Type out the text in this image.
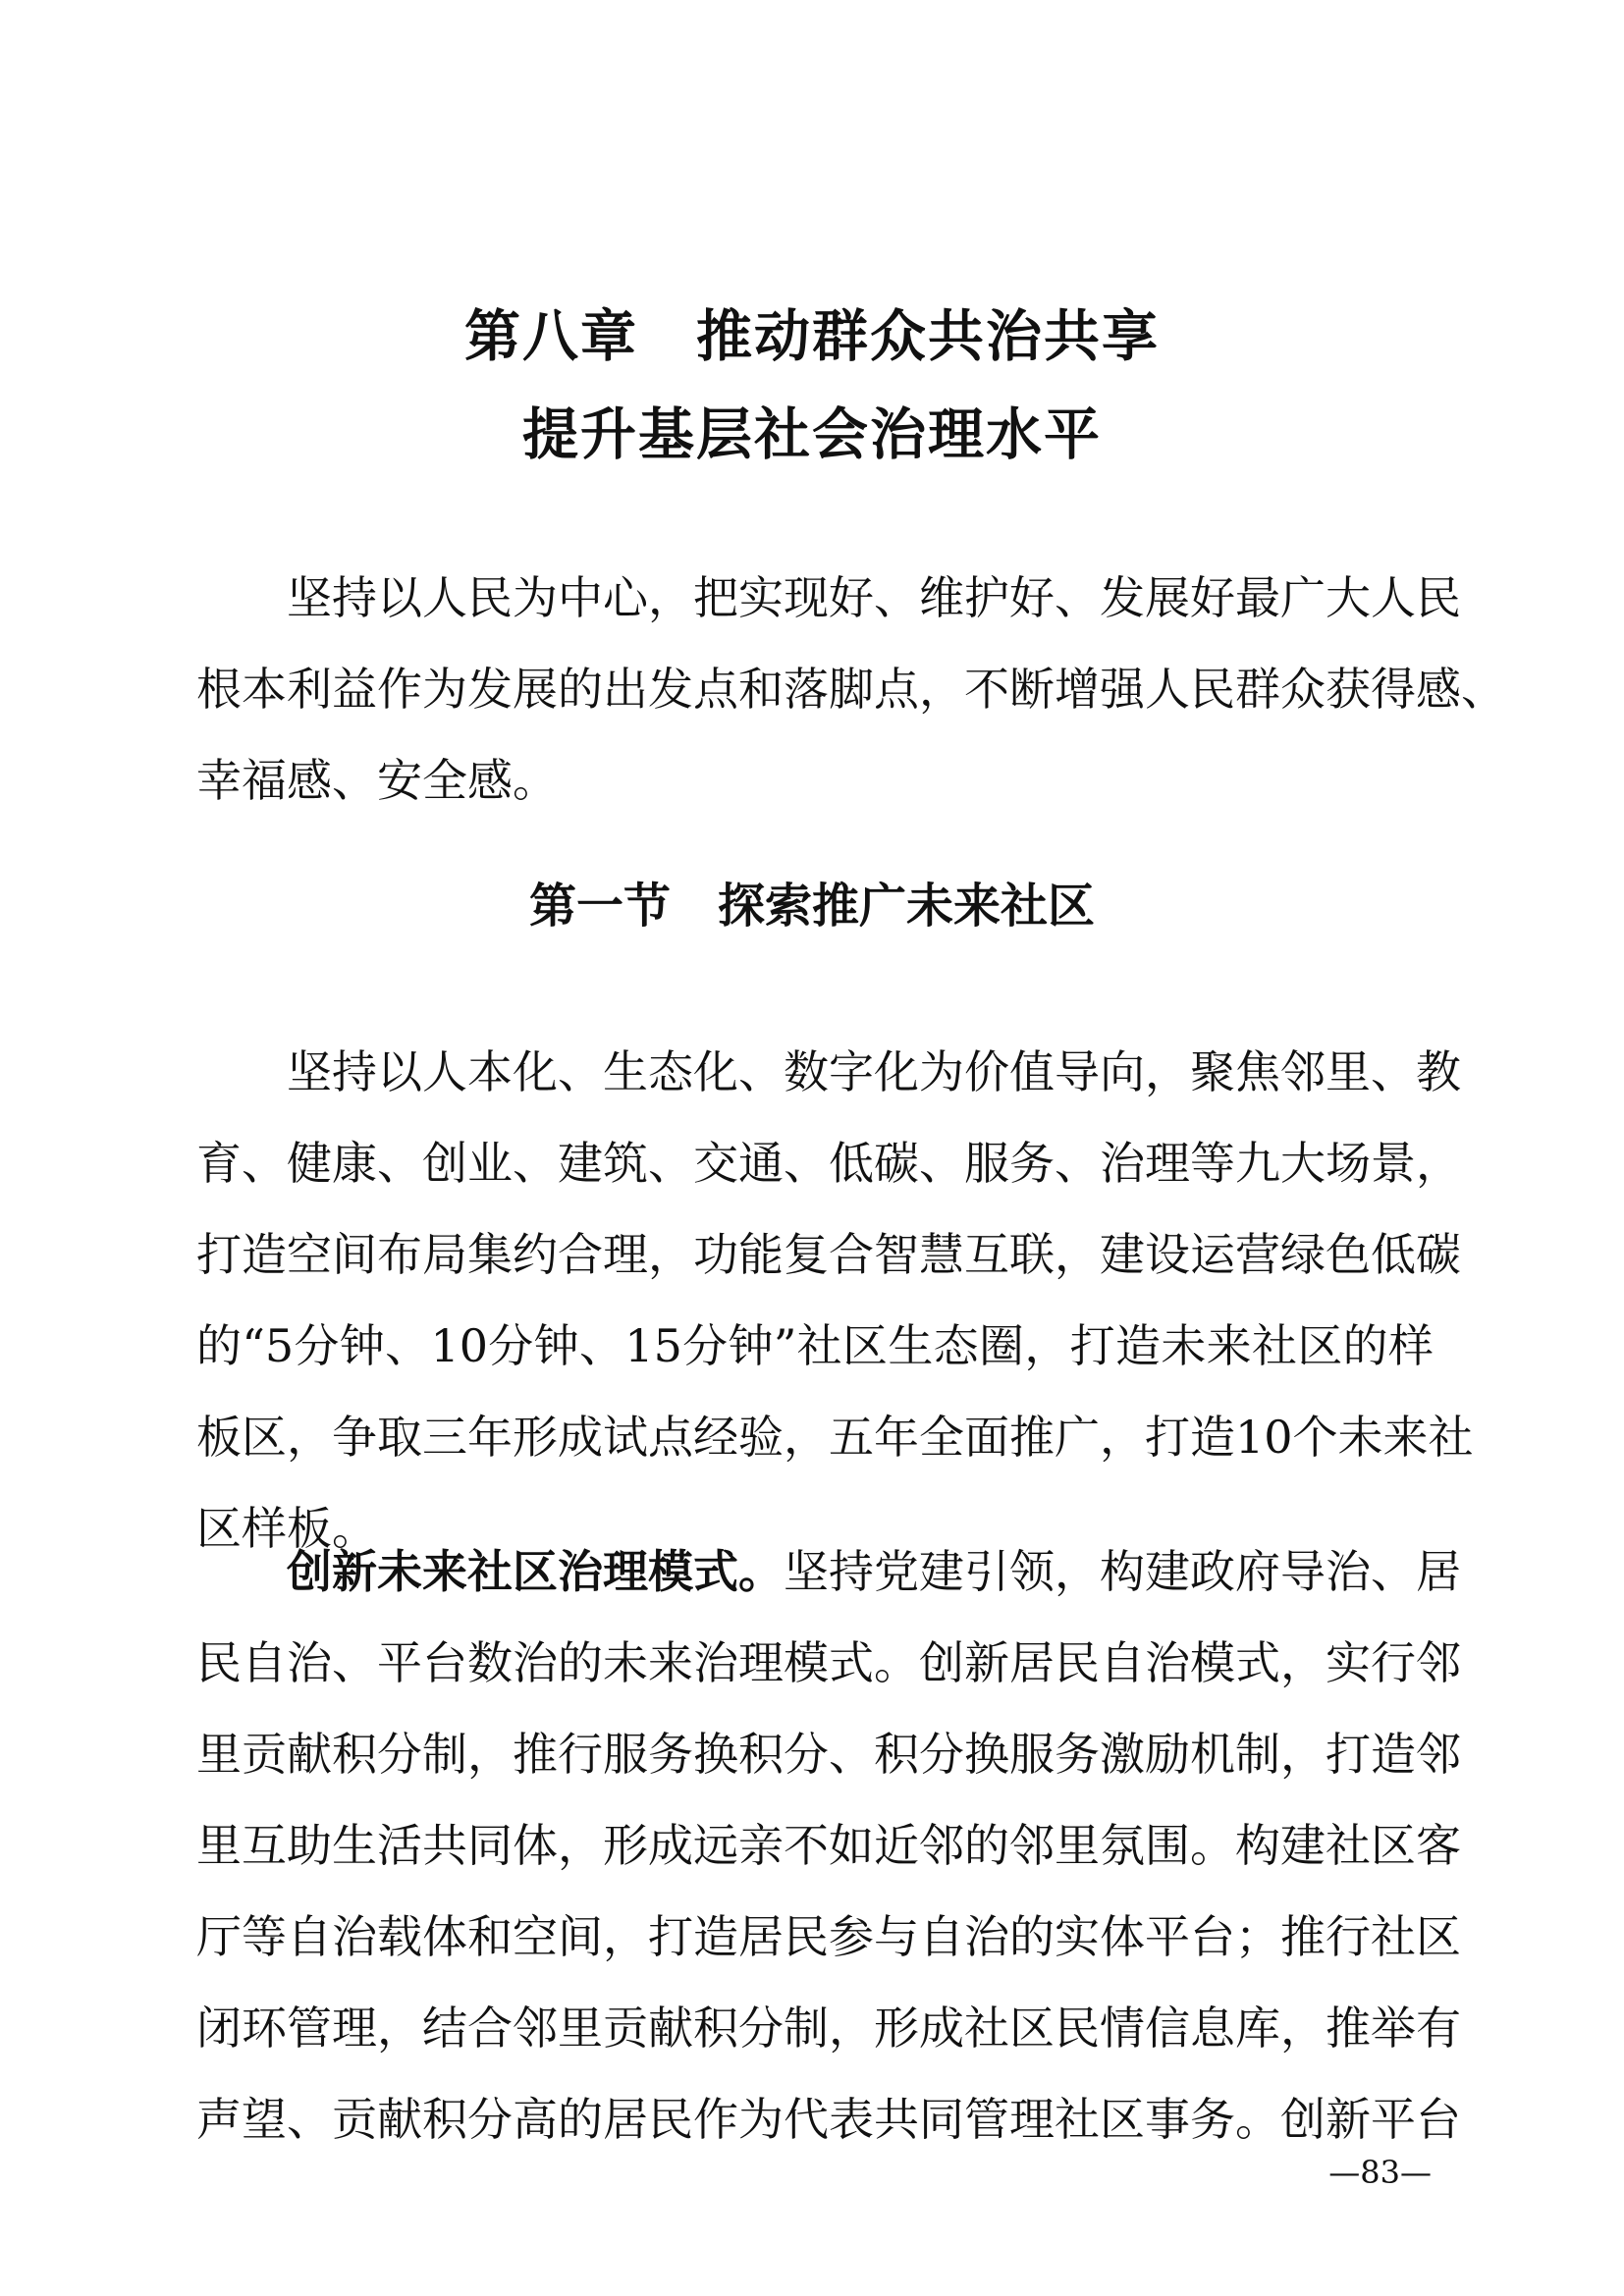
第八章　推动群众共治共享
提升基层社会治理水平
坚持以人民为中心，把实现好、维护好、发展好最广大人民
根本利益作为发展的出发点和落脚点，不断增强人民群众获得感、
幸福感、安全感。
第一节　探索推广未来社区
坚持以人本化、生态化、数字化为价值导向，聚焦邻里、教
育、健康、创业、建筑、交通、低碳、服务、治理等九大场景，
打造空间布局集约合理，功能复合智慧互联，建设运营绿色低碳
的“5分钟、10分钟、15分钟”社区生态圈，打造未来社区的样
板区，争取三年形成试点经验，五年全面推广，打造10个未来社
区样板。
创新未来社区治理模式。坚持党建引领，构建政府导治、居
民自治、平台数治的未来治理模式。创新居民自治模式，实行邻
里贡献积分制，推行服务换积分、积分换服务激励机制，打造邻
里互助生活共同体，形成远亲不如近邻的邻里氛围。构建社区客
厅等自治载体和空间，打造居民参与自治的实体平台；推行社区
闭环管理，结合邻里贡献积分制，形成社区民情信息库，推举有
声望、贡献积分高的居民作为代表共同管理社区事务。创新平台
—83—
